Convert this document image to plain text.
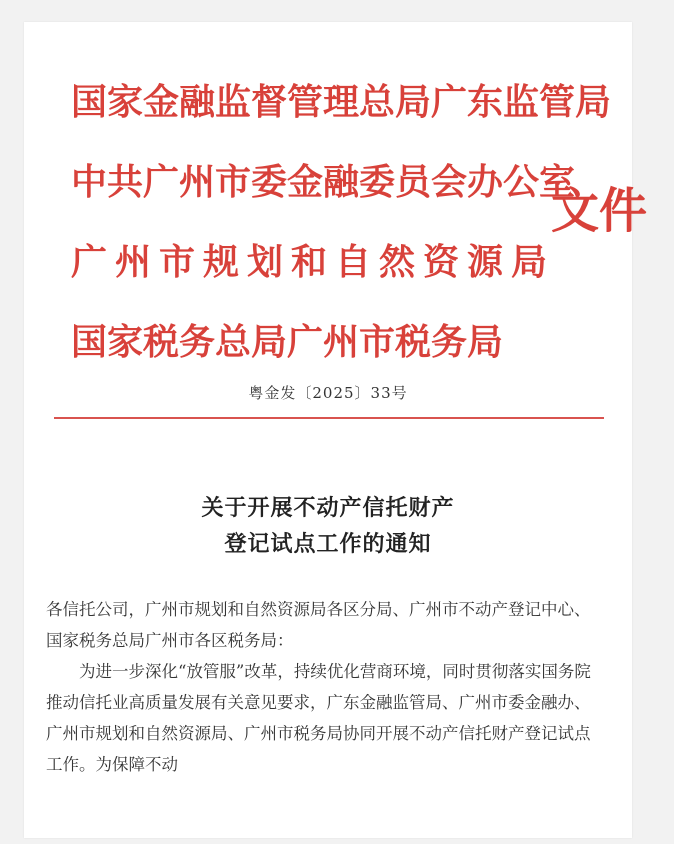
国家金融监督管理总局广东监管局
中共广州市委金融委员会办公室
广州市规划和自然资源局
国家税务总局广州市税务局
文件
粤金发〔2025〕33号
关于开展不动产信托财产
登记试点工作的通知

各信托公司，广州市规划和自然资源局各区分局、广州市不动产登记中心、国家税务总局广州市各区税务局：

为进一步深化“放管服”改革，持续优化营商环境，同时贯彻落实国务院推动信托业高质量发展有关意见要求，广东金融监管局、广州市委金融办、广州市规划和自然资源局、广州市税务局协同开展不动产信托财产登记试点工作。为保障不动
